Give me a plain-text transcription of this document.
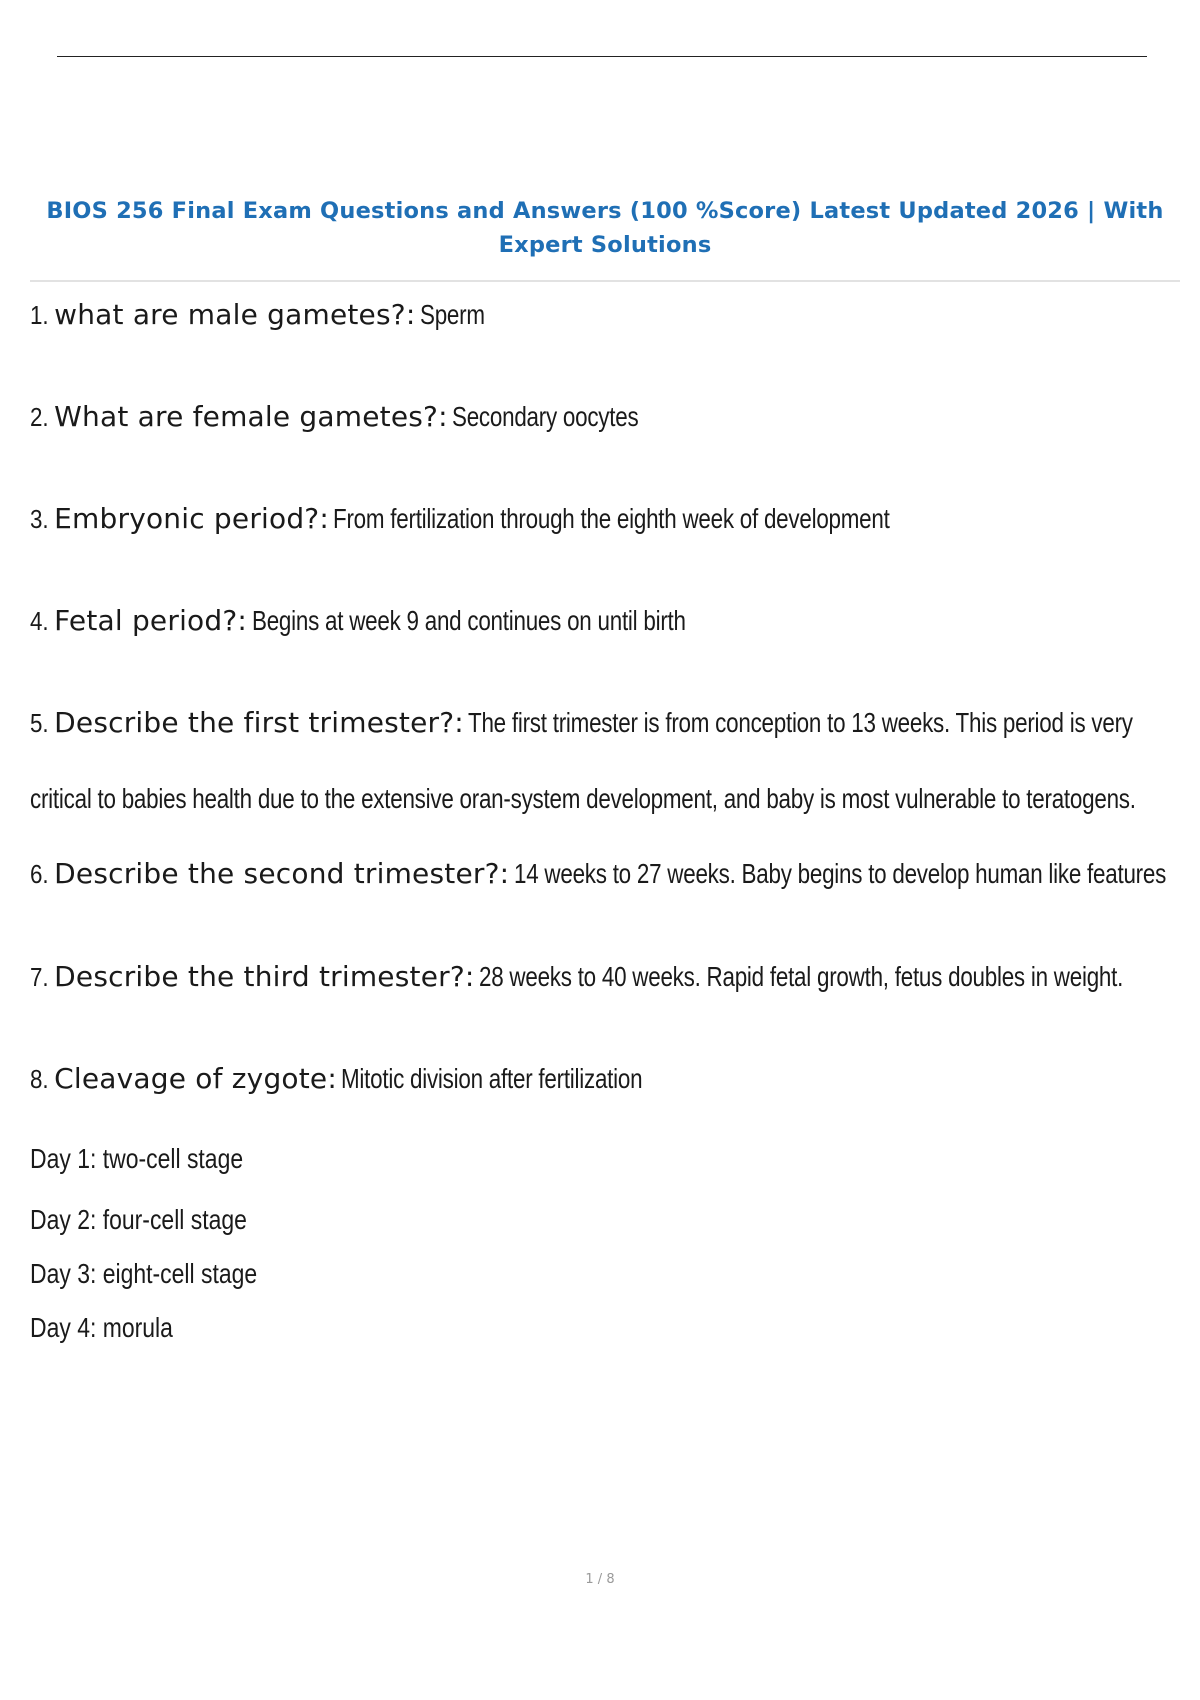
BIOS 256 Final Exam Questions and Answers (100 %Score) Latest Updated 2026 | With Expert Solutions
1. what are male gametes?: Sperm
2. What are female gametes?: Secondary oocytes
3. Embryonic period?: From fertilization through the eighth week of development
4. Fetal period?: Begins at week 9 and continues on until birth
5. Describe the first trimester?: The first trimester is from conception to 13 weeks. This period is very
critical to babies health due to the extensive oran-system development, and baby is most vulnerable to teratogens.
6. Describe the second trimester?: 14 weeks to 27 weeks. Baby begins to develop human like features
7. Describe the third trimester?: 28 weeks to 40 weeks. Rapid fetal growth, fetus doubles in weight.
8. Cleavage of zygote: Mitotic division after fertilization
Day 1: two-cell stage
Day 2: four-cell stage
Day 3: eight-cell stage
Day 4: morula
1 / 8
